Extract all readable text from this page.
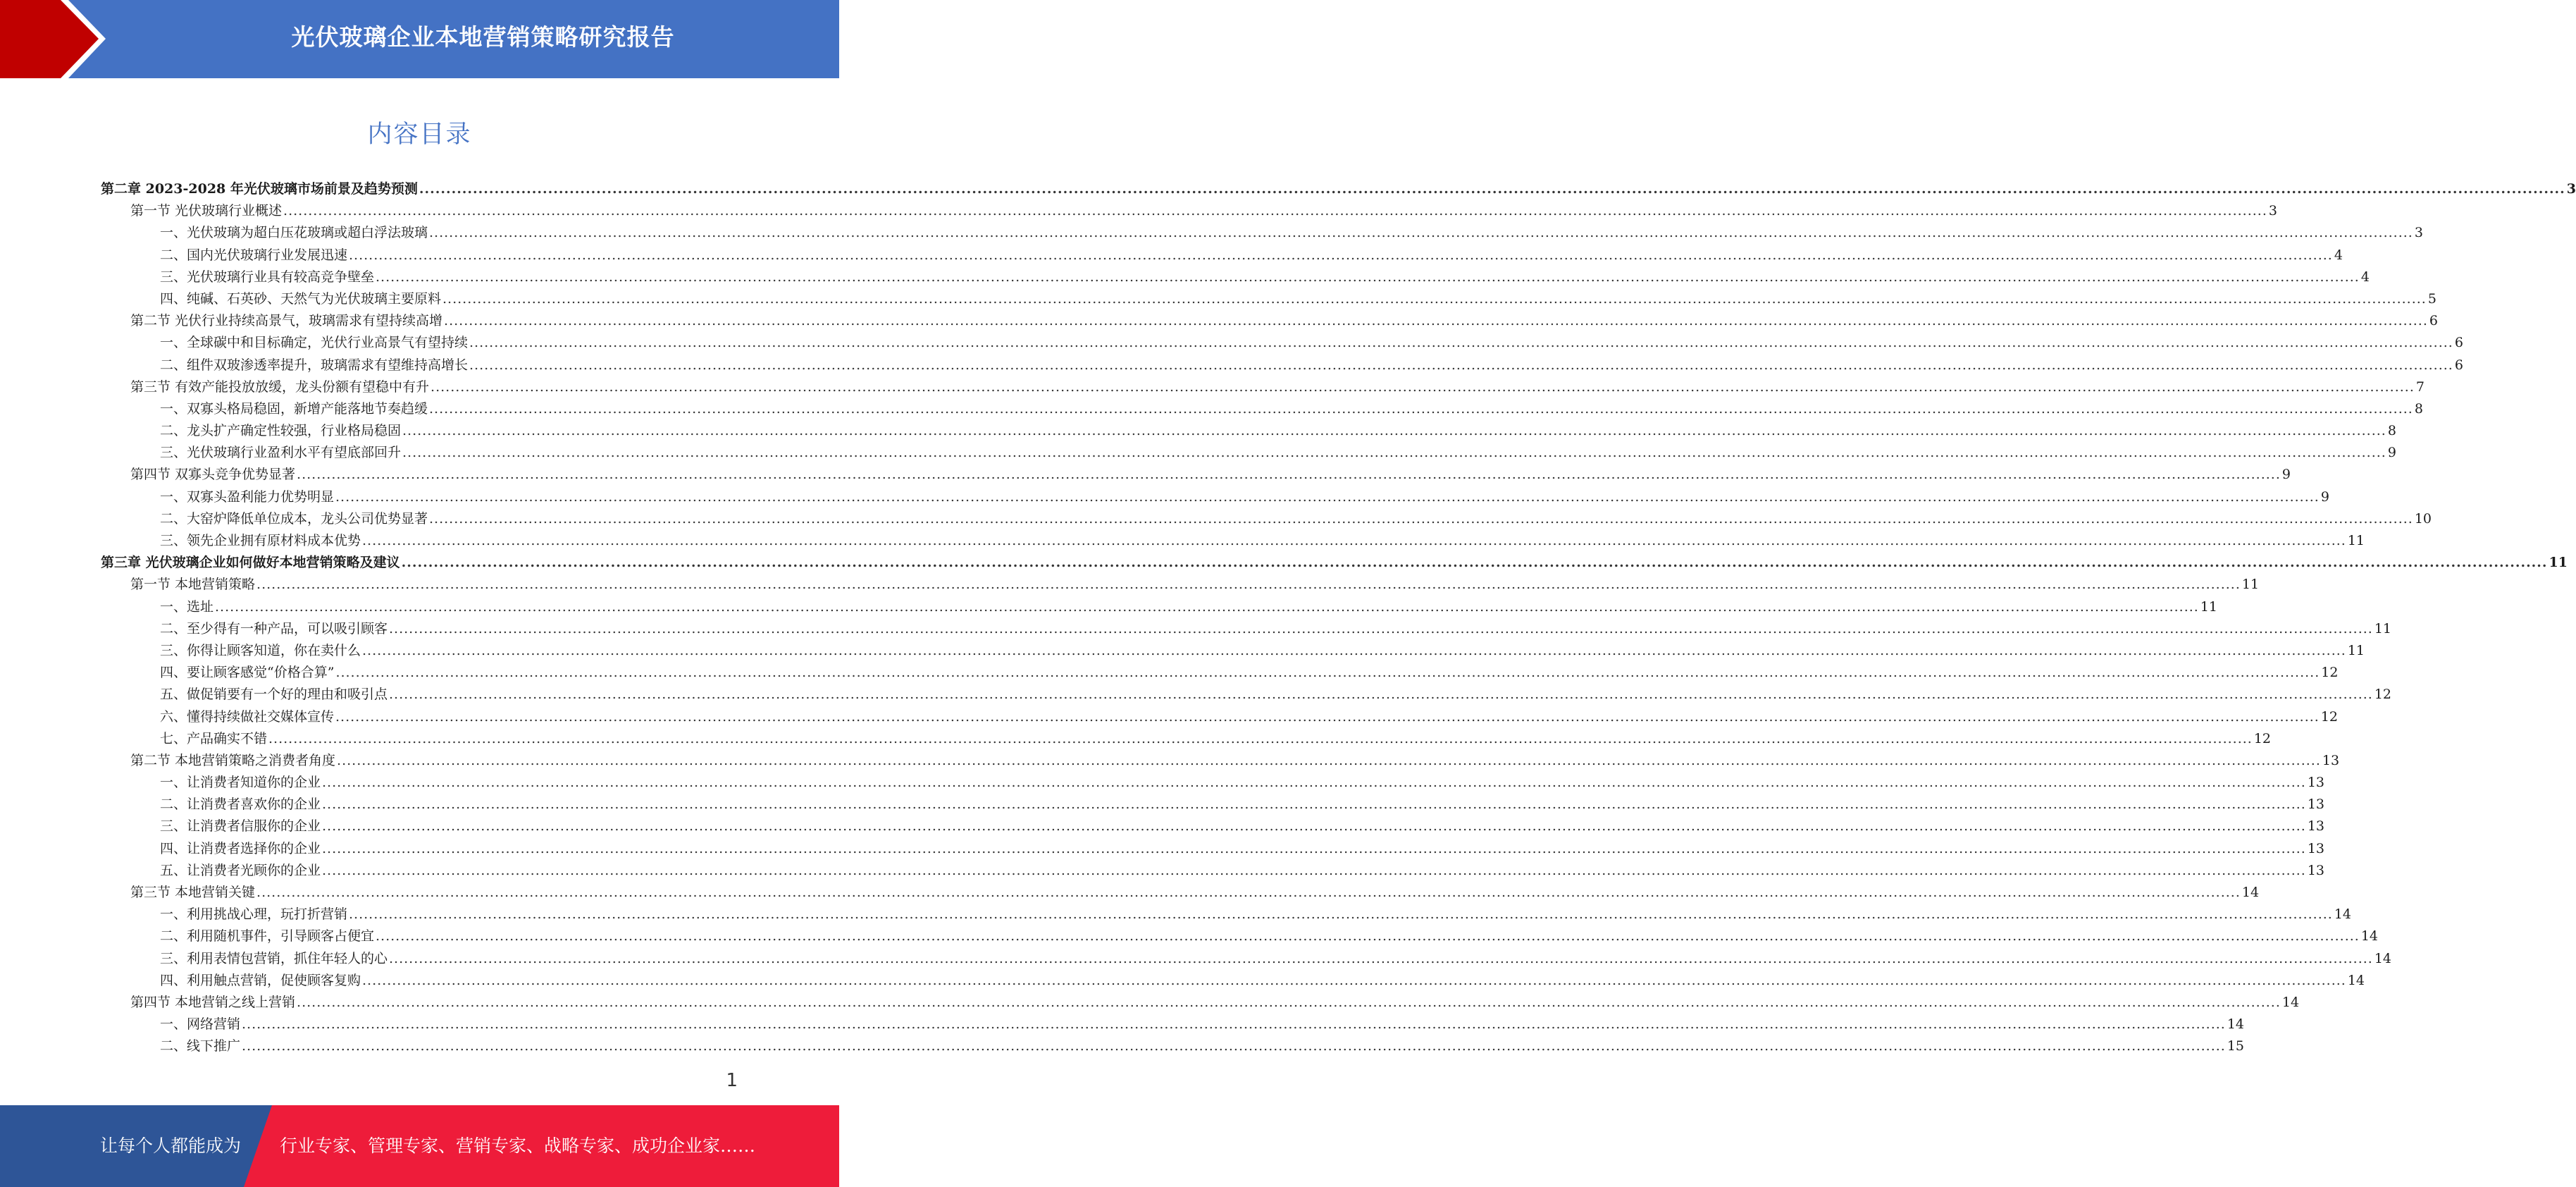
光伏玻璃企业本地营销策略研究报告
内容目录
第二章 2023-2028 年光伏玻璃市场前景及趋势预测 ................................................................................................................................................................................................................................................................................................................................................................................................................ 3
第一节 光伏玻璃行业概述 ................................................................................................................................................................................................................................................................................................................................................................................................................ 3
一、光伏玻璃为超白压花玻璃或超白浮法玻璃 ................................................................................................................................................................................................................................................................................................................................................................................................................ 3
二、国内光伏玻璃行业发展迅速 ................................................................................................................................................................................................................................................................................................................................................................................................................ 4
三、光伏玻璃行业具有较高竞争壁垒 ................................................................................................................................................................................................................................................................................................................................................................................................................ 4
四、纯碱、石英砂、天然气为光伏玻璃主要原料 ................................................................................................................................................................................................................................................................................................................................................................................................................ 5
第二节 光伏行业持续高景气，玻璃需求有望持续高增 ................................................................................................................................................................................................................................................................................................................................................................................................................ 6
一、全球碳中和目标确定，光伏行业高景气有望持续 ................................................................................................................................................................................................................................................................................................................................................................................................................ 6
二、组件双玻渗透率提升，玻璃需求有望维持高增长 ................................................................................................................................................................................................................................................................................................................................................................................................................ 6
第三节 有效产能投放放缓，龙头份额有望稳中有升 ................................................................................................................................................................................................................................................................................................................................................................................................................ 7
一、双寡头格局稳固，新增产能落地节奏趋缓 ................................................................................................................................................................................................................................................................................................................................................................................................................ 8
二、龙头扩产确定性较强，行业格局稳固 ................................................................................................................................................................................................................................................................................................................................................................................................................ 8
三、光伏玻璃行业盈利水平有望底部回升 ................................................................................................................................................................................................................................................................................................................................................................................................................ 9
第四节 双寡头竞争优势显著 ................................................................................................................................................................................................................................................................................................................................................................................................................ 9
一、双寡头盈利能力优势明显 ................................................................................................................................................................................................................................................................................................................................................................................................................ 9
二、大窑炉降低单位成本，龙头公司优势显著 ................................................................................................................................................................................................................................................................................................................................................................................................................ 10
三、领先企业拥有原材料成本优势 ................................................................................................................................................................................................................................................................................................................................................................................................................ 11
第三章 光伏玻璃企业如何做好本地营销策略及建议 ................................................................................................................................................................................................................................................................................................................................................................................................................ 11
第一节 本地营销策略 ................................................................................................................................................................................................................................................................................................................................................................................................................ 11
一、选址 ................................................................................................................................................................................................................................................................................................................................................................................................................ 11
二、至少得有一种产品，可以吸引顾客 ................................................................................................................................................................................................................................................................................................................................................................................................................ 11
三、你得让顾客知道，你在卖什么 ................................................................................................................................................................................................................................................................................................................................................................................................................ 11
四、要让顾客感觉“价格合算” ................................................................................................................................................................................................................................................................................................................................................................................................................ 12
五、做促销要有一个好的理由和吸引点 ................................................................................................................................................................................................................................................................................................................................................................................................................ 12
六、懂得持续做社交媒体宣传 ................................................................................................................................................................................................................................................................................................................................................................................................................ 12
七、产品确实不错 ................................................................................................................................................................................................................................................................................................................................................................................................................ 12
第二节 本地营销策略之消费者角度 ................................................................................................................................................................................................................................................................................................................................................................................................................ 13
一、让消费者知道你的企业 ................................................................................................................................................................................................................................................................................................................................................................................................................ 13
二、让消费者喜欢你的企业 ................................................................................................................................................................................................................................................................................................................................................................................................................ 13
三、让消费者信服你的企业 ................................................................................................................................................................................................................................................................................................................................................................................................................ 13
四、让消费者选择你的企业 ................................................................................................................................................................................................................................................................................................................................................................................................................ 13
五、让消费者光顾你的企业 ................................................................................................................................................................................................................................................................................................................................................................................................................ 13
第三节 本地营销关键 ................................................................................................................................................................................................................................................................................................................................................................................................................ 14
一、利用挑战心理，玩打折营销 ................................................................................................................................................................................................................................................................................................................................................................................................................ 14
二、利用随机事件，引导顾客占便宜 ................................................................................................................................................................................................................................................................................................................................................................................................................ 14
三、利用表情包营销，抓住年轻人的心 ................................................................................................................................................................................................................................................................................................................................................................................................................ 14
四、利用触点营销，促使顾客复购 ................................................................................................................................................................................................................................................................................................................................................................................................................ 14
第四节 本地营销之线上营销 ................................................................................................................................................................................................................................................................................................................................................................................................................ 14
一、网络营销 ................................................................................................................................................................................................................................................................................................................................................................................................................ 14
二、线下推广 ................................................................................................................................................................................................................................................................................................................................................................................................................ 15
1
让每个人都能成为 行业专家、管理专家、营销专家、战略专家、成功企业家……
